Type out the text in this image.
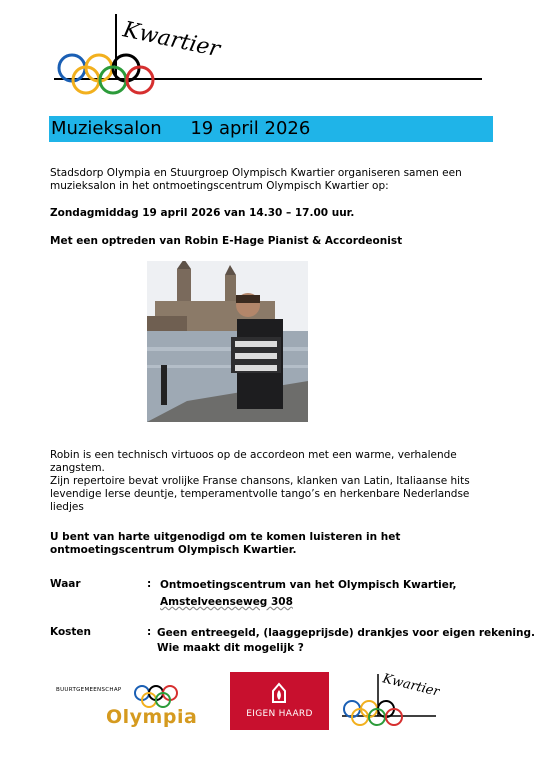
Kwartier
Muzieksalon     19 april 2026
Stadsdorp Olympia en Stuurgroep Olympisch Kwartier organiseren samen een muzieksalon in het ontmoetingscentrum Olympisch Kwartier op:
Zondagmiddag 19 april 2026 van 14.30 – 17.00 uur.
Met een optreden van Robin E-Hage Pianist & Accordeonist
Robin is een technisch virtuoos op de accordeon met een warme, verhalende zangstem.
Zijn repertoire bevat vrolijke Franse chansons, klanken van Latin, Italiaanse hits levendige Ierse deuntje, temperamentvolle tango’s en herkenbare Nederlandse liedjes
U bent van harte uitgenodigd om te komen luisteren in het ontmoetingscentrum Olympisch Kwartier.
Waar	: Ontmoetingscentrum van het Olympisch Kwartier,
Amstelveenseweg 308
Kosten	: Geen entreegeld, (laaggeprijsde) drankjes voor eigen rekening.
Wie maakt dit mogelijk ?
BUURTGEMEENSCHAP
Olympia	EIGEN HAARD
Kwartier
